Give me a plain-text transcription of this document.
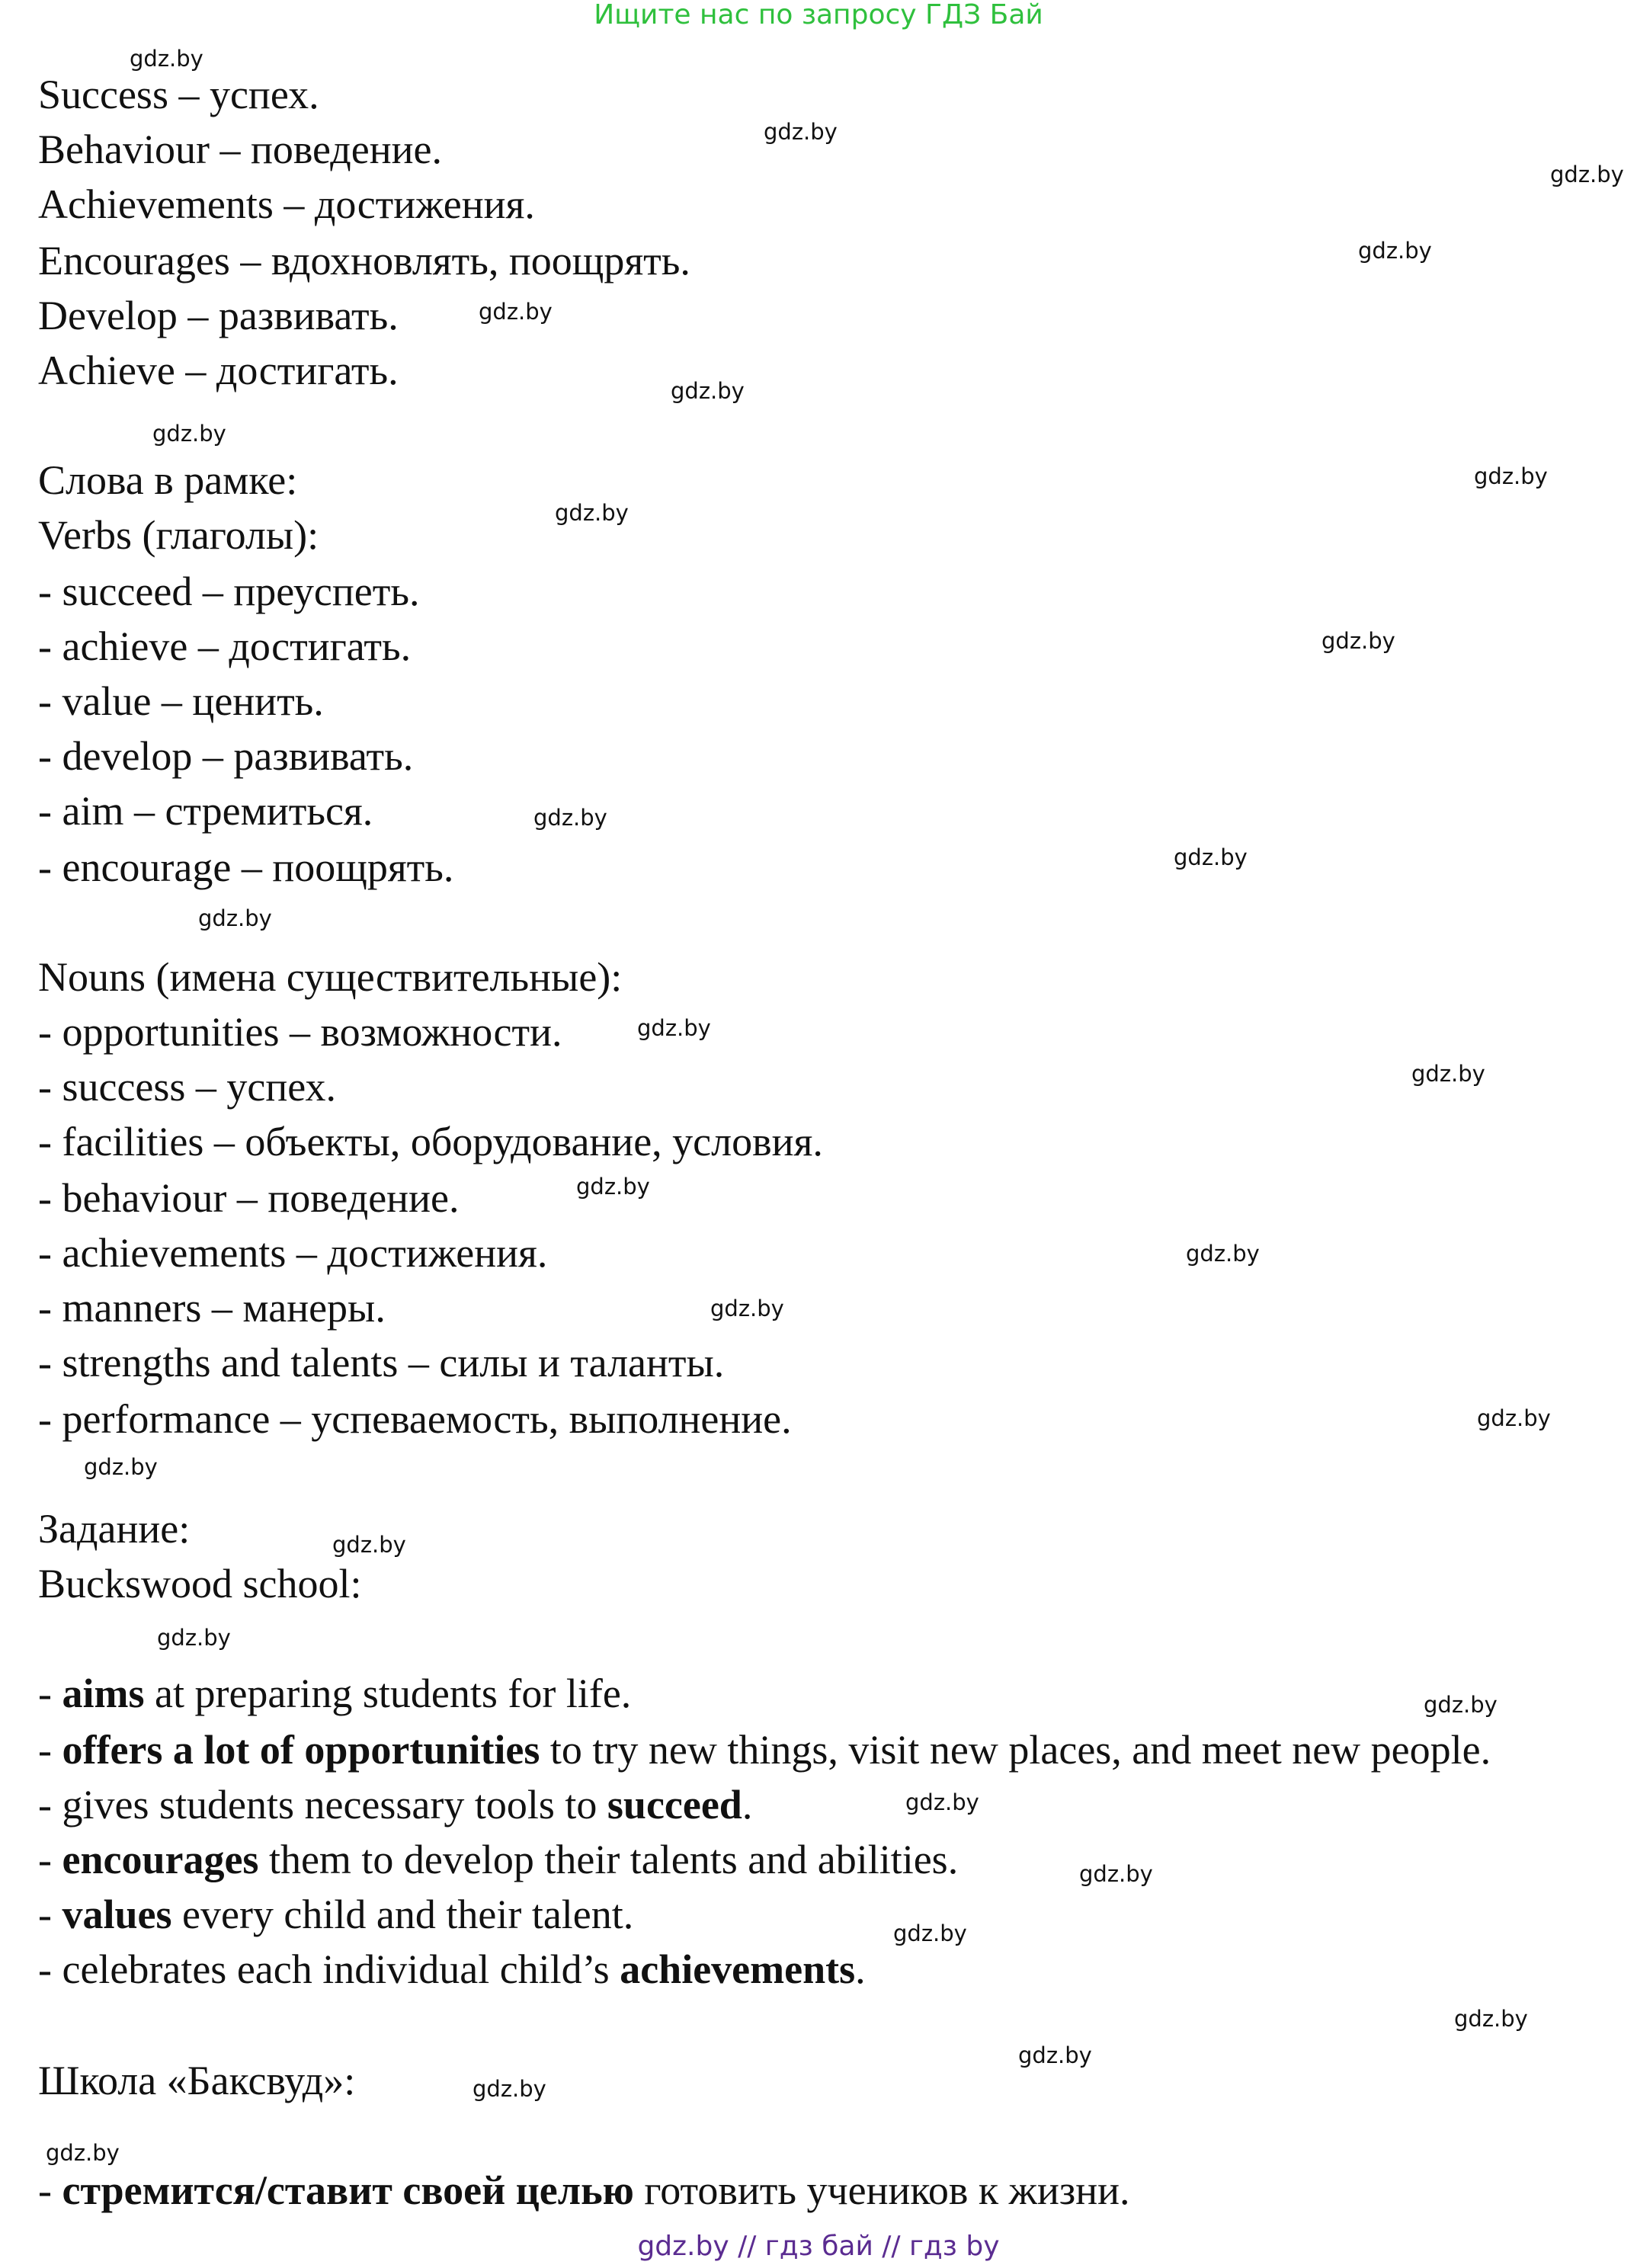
Ищите нас по запросу ГДЗ Бай
Success – успех.
Behaviour – поведение.
Achievements – достижения.
Encourages – вдохновлять, поощрять.
Develop – развивать.
Achieve – достигать.
Слова в рамке:
Verbs (глаголы):
- succeed – преуспеть.
- achieve – достигать.
- value – ценить.
- develop – развивать.
- aim – стремиться.
- encourage – поощрять.
Nouns (имена существительные):
- opportunities – возможности.
- success – успех.
- facilities – объекты, оборудование, условия.
- behaviour – поведение.
- achievements – достижения.
- manners – манеры.
- strengths and talents – силы и таланты.
- performance – успеваемость, выполнение.
Задание:
Buckswood school:
- aims at preparing students for life.
- offers a lot of opportunities to try new things, visit new places, and meet new people.
- gives students necessary tools to succeed.
- encourages them to develop their talents and abilities.
- values every child and their talent.
- celebrates each individual child’s achievements.
Школа «Баксвуд»:
- стремится/ставит своей целью готовить учеников к жизни.
gdz.by
gdz.by
gdz.by
gdz.by
gdz.by
gdz.by
gdz.by
gdz.by
gdz.by
gdz.by
gdz.by
gdz.by
gdz.by
gdz.by
gdz.by
gdz.by
gdz.by
gdz.by
gdz.by
gdz.by
gdz.by
gdz.by
gdz.by
gdz.by
gdz.by
gdz.by
gdz.by
gdz.by
gdz.by
gdz.by
gdz.by // гдз бай // гдз by
